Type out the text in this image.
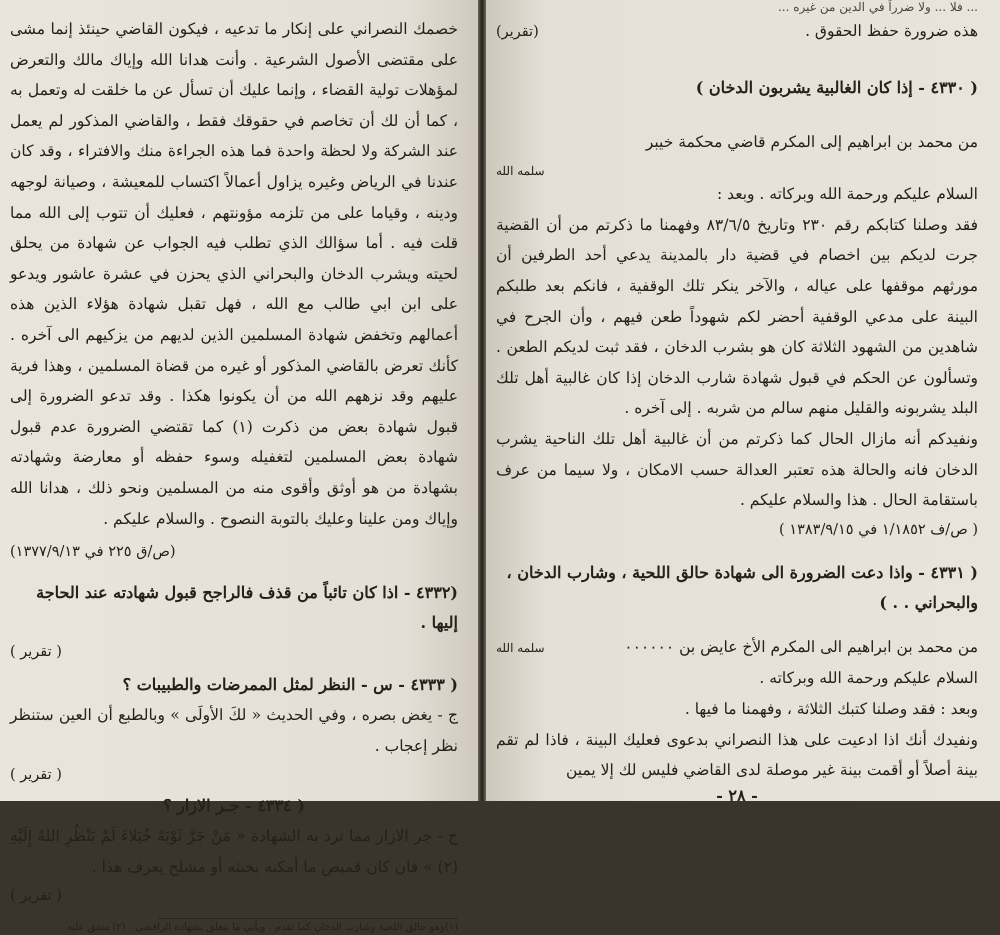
خصمك النصراني على إنكار ما تدعيه ، فيكون القاضي حينئذ إنما مشى على مقتضى الأصول الشرعية . وأنت هدانا الله وإياك مالك والتعرض لمؤهلات تولية القضاء ، وإنما عليك أن تسأل عن ما خلقت له وتعمل به ، كما أن لك أن تخاصم في حقوقك فقط ، والقاضي المذكور لم يعمل عند الشركة ولا لحظة واحدة فما هذه الجراءة منك والافتراء ، وقد كان عندنا في الرياض وغيره يزاول أعمالاً اكتساب للمعيشة ، وصيانة لوجهه ودينه ، وقياما على من تلزمه مؤونتهم ، فعليك أن تتوب إلى الله مما قلت فيه . أما سؤالك الذي تطلب فيه الجواب عن شهادة من يحلق لحيته ويشرب الدخان والبحراني الذي يحزن في عشرة عاشور ويدعو على ابن ابي طالب مع الله ، فهل تقبل شهادة هؤلاء الذين هذه أعمالهم وتخفض شهادة المسلمين الذين لديهم من يزكيهم الى آخره . كأنك تعرض بالقاضي المذكور أو غيره من قضاة المسلمين ، وهذا فرية عليهم وقد نزههم الله من أن يكونوا هكذا . وقد تدعو الضرورة إلى قبول شهادة بعض من ذكرت (١) كما تقتضي الضرورة عدم قبول شهادة بعض المسلمين لتغفيله وسوء حفظه أو معارضة وشهادته بشهادة من هو أوثق وأقوى منه من المسلمين ونحو ذلك ، هدانا الله وإياك ومن علينا وعليك بالتوبة النصوح . والسلام عليكم .

(ص/ق ٢٢٥ في ١٣٧٧/٩/١٣)

(٤٣٣٢ - اذا كان تائباً من قذف فالراجح قبول شهادته عند الحاجة إليها .

( تقرير )

( ٤٣٣٣ - س - النظر لمثل الممرضات والطبيبات ؟

ج - يغض بصره ، وفي الحديث « لكَ الأولَى » وبالطبع أن العين ستنظر نظر إعجاب .

( تقرير )

( ٤٣٣٤ - جـر الازار ؟

ج - جر الازار مما ترد به الشهادة « مَنْ جَرَّ ثَوْبَهُ خُيَلاءَ لَمْ يَنْظُرِ اللهُ إِلَيْهِ (٢) » فان كان قميص ما أمكنه بخبثه أو مشلح يعرف هذا .

( تقرير )

(١)وهو حالق اللحية وشارب الدخان كما تقدم . ويأتي ما يتعلق بشهادة الرافضي . (٢) متفق عليه

... فلا ... ولا ضرراً في الدين من غيره ...

هذه ضرورة حفظ الحقوق .
(تقرير)

( ٤٣٣٠ - إذا كان الغالبية يشربون الدخان )

من محمد بن ابراهيم إلى المكرم قاضي محكمة خيبر

سلمه الله

السلام عليكم ورحمة الله وبركاته . وبعد :

فقد وصلنا كتابكم رقم ٢٣٠ وتاريخ ٨٣/٦/٥ وفهمنا ما ذكرتم من أن القضية جرت لديكم بين اخصام في قضية دار بالمدينة يدعي أحد الطرفين أن مورثهم موقفها على عياله ، والآخر ينكر تلك الوقفية ، فانكم بعد طلبكم البينة على مدعي الوقفية أحضر لكم شهوداً طعن فيهم ، وأن الجرح في شاهدين من الشهود الثلاثة كان هو بشرب الدخان ، فقد ثبت لديكم الطعن . وتسألون عن الحكم في قبول شهادة شارب الدخان إذا كان غالبية أهل تلك البلد يشربونه والقليل منهم سالم من شربه . إلى آخره .

ونفيدكم أنه مازال الحال كما ذكرتم من أن غالبية أهل تلك الناحية يشرب الدخان فانه والحالة هذه تعتبر العدالة حسب الامكان ، ولا سيما من عرف باستقامة الحال . هذا والسلام عليكم .

( ص/ف ١/١٨٥٢ في ١٣٨٣/٩/١٥ )

( ٤٣٣١ - واذا دعت الضرورة الى شهادة حالق اللحية ، وشارب الدخان ، والبحراني . . )

من محمد بن ابراهيم الى المكرم الأخ عايض بن ٠٠٠٠٠٠
سلمه الله

السلام عليكم ورحمة الله وبركاته .

وبعد : فقد وصلنا كتبك الثلاثة ، وفهمنا ما فيها .

ونفيدك أنك اذا ادعيت على هذا النصراني بدعوى فعليك البينة ، فاذا لم تقم بينة أصلاً أو أقمت بينة غير موصلة لدى القاضي فليس لك إلا يمين

- ٢٨ -
